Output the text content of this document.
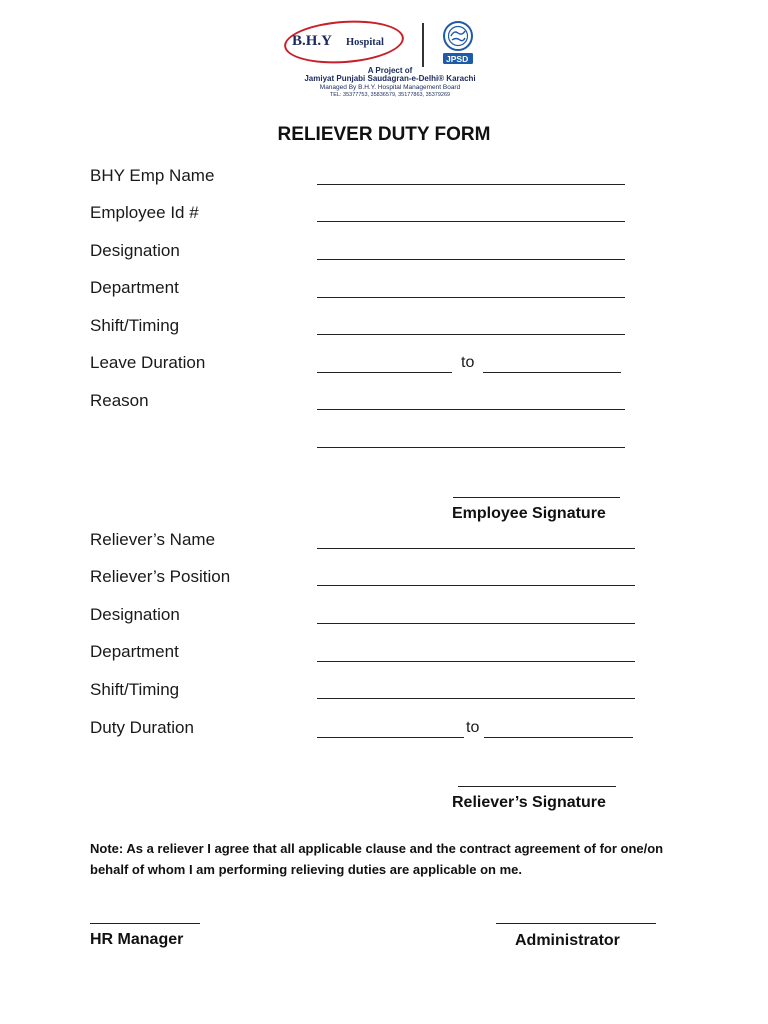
B.H.Y Hospital
A Project of
Jamiyat Punjabi Saudagran-e-Delhi® Karachi
Managed By B.H.Y. Hospital Management Board
TEL: 35377753, 35836579, 35177863, 35379269
JPSD
RELIEVER DUTY FORM
BHY Emp Name
Employee Id #
Designation
Department
Shift/Timing
Leave Duration	to
Reason
Employee Signature
Reliever’s Name
Reliever’s Position
Designation
Department
Shift/Timing
Duty Duration	to
Reliever’s Signature
Note: As a reliever I agree that all applicable clause and the contract agreement of for one/on behalf of whom I am performing relieving duties are applicable on me.
HR Manager	Administrator
